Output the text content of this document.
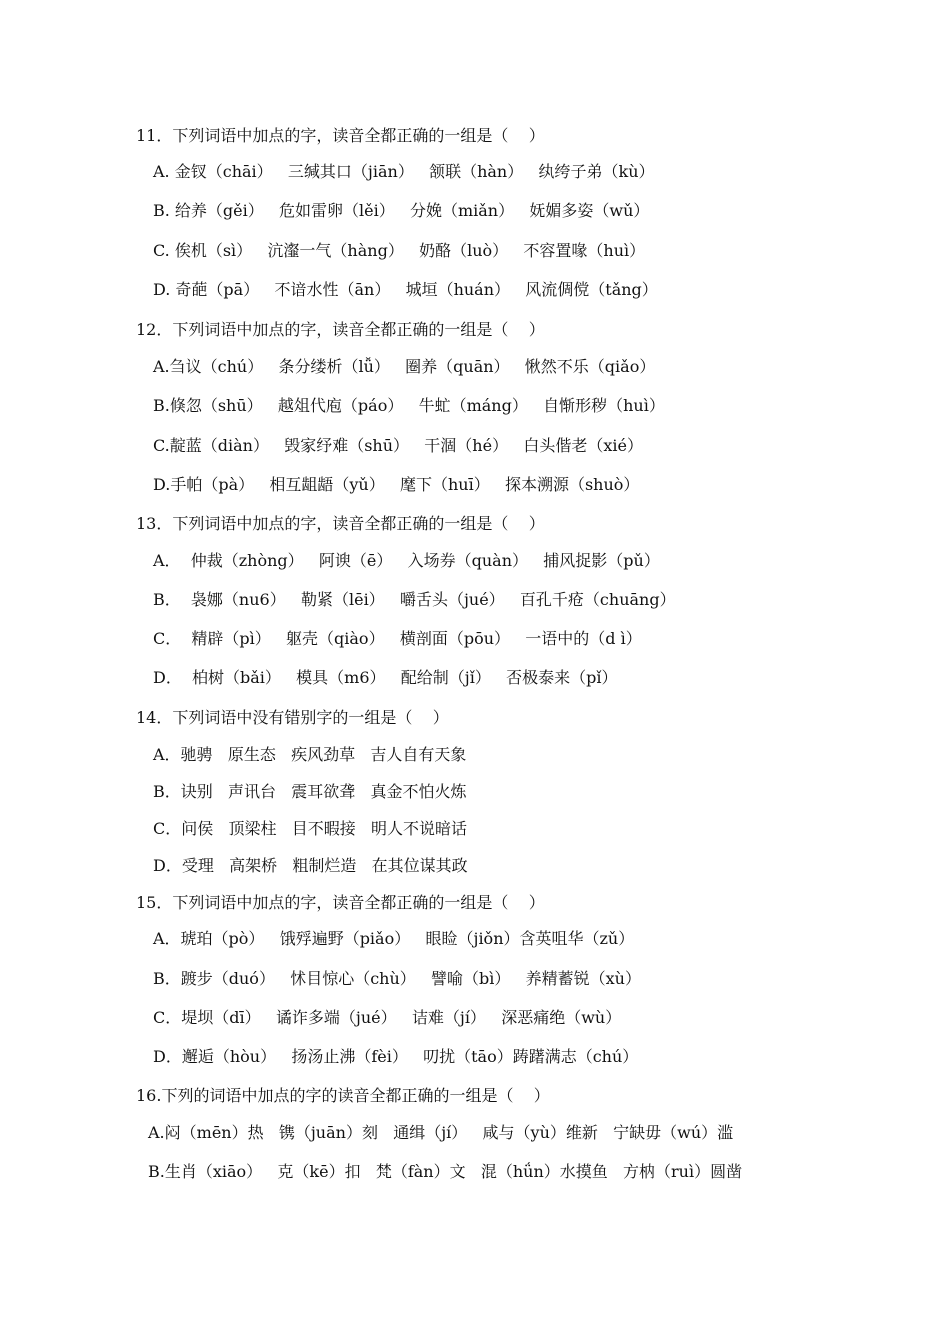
11．下列词语中加点的字，读音全都正确的一组是（    ）
A. 金钗（chāi）   三缄其口（jiān）   颔联（hàn）   纨绔子弟（kù）
B. 给养（gěi）   危如雷卵（lěi）   分娩（miǎn）   妩媚多姿（wǔ）
C. 俟机（sì）   沆瀣一气（hàng）   奶酪（luò）   不容置喙（huì）
D. 奇葩（pā）   不谙水性（ān）   城垣（huán）   风流倜傥（tǎng）
12．下列词语中加点的字，读音全都正确的一组是（    ）
A.刍议（chú）   条分缕析（lǚ）   圈养（quān）   愀然不乐（qiǎo）
B.倏忽（shū）   越俎代庖（páo）   牛虻（máng）   自惭形秽（huì）
C.靛蓝（diàn）   毁家纾难（shū）   干涸（hé）   白头偕老（xié）
D.手帕（pà）   相互龃龉（yǔ）   麾下（huī）   探本溯源（shuò）
13．下列词语中加点的字，读音全都正确的一组是（    ）
A．  仲裁（zhòng）   阿谀（ē）   入场券（quàn）   捕风捉影（pǔ）
B．  袅娜（nu6）   勒紧（lēi）   嚼舌头（jué）   百孔千疮（chuāng）
C．  精辟（pì）   躯壳（qiào）   横剖面（pōu）   一语中的（d ì）
D．  柏树（bǎi）   模具（m6）   配给制（jǐ）   否极泰来（pǐ）
14．下列词语中没有错别字的一组是（    ）
A．驰骋   原生态   疾风劲草   吉人自有天象
B．诀别   声讯台   震耳欲聋   真金不怕火炼
C．问侯   顶梁柱   目不暇接   明人不说暗话
D．受理   高架桥   粗制烂造   在其位谋其政
15．下列词语中加点的字，读音全都正确的一组是（    ）
A．琥珀（pò）   饿殍遍野（piǎo）   眼睑（jiǒn）含英咀华（zǔ）
B．踱步（duó）   怵目惊心（chù）   譬喻（bì）   养精蓄锐（xù）
C．堤坝（dī）   谲诈多端（jué）   诘难（jí）   深恶痛绝（wù）
D．邂逅（hòu）   扬汤止沸（fèi）   叨扰（tāo）踌躇满志（chú）
16.下列的词语中加点的字的读音全都正确的一组是（    ）
A.闷（mēn）热   镌（juān）刻   通缉（jí）   咸与（yù）维新   宁缺毋（wú）滥
B.生肖（xiāo）   克（kē）扣   梵（fàn）文   混（hǘn）水摸鱼   方枘（ruì）圆凿
